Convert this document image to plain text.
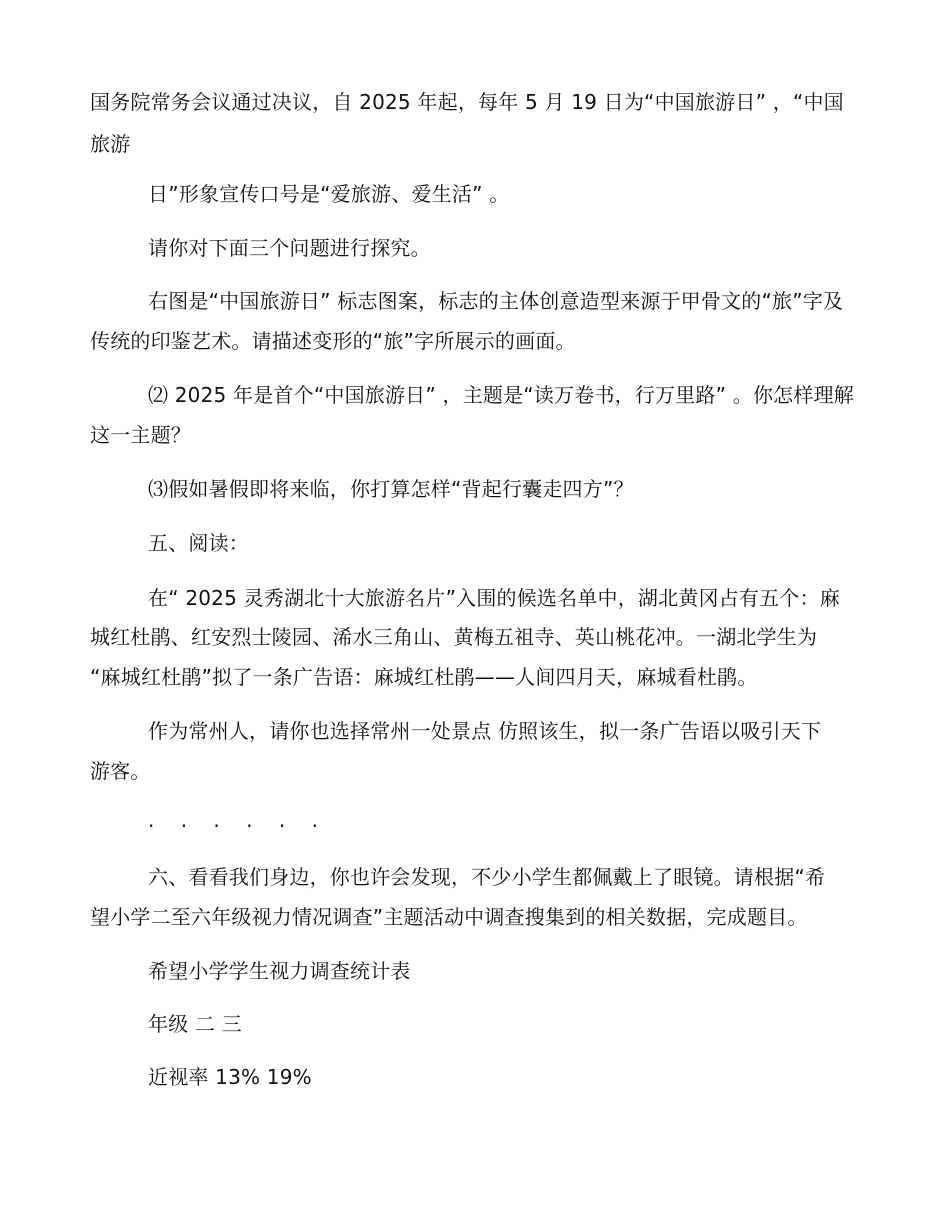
国务院常务会议通过决议，自 2025 年起，每年 5 月 19 日为“中国旅游日” ，“中国
旅游
日”形象宣传口号是“爱旅游、爱生活” 。
请你对下面三个问题进行探究。
右图是“中国旅游日” 标志图案，标志的主体创意造型来源于甲骨文的“旅”字及
传统的印鉴艺术。请描述变形的“旅”字所展示的画面。
⑵ 2025 年是首个“中国旅游日” ，主题是“读万卷书，行万里路” 。你怎样理解
这一主题？
⑶假如暑假即将来临，你打算怎样“背起行囊走四方”？
五、阅读：
在“ 2025 灵秀湖北十大旅游名片”入围的候选名单中，湖北黄冈占有五个：麻
城红杜鹃、红安烈士陵园、浠水三角山、黄梅五祖寺、英山桃花冲。一湖北学生为
“麻城红杜鹃”拟了一条广告语：麻城红杜鹃——人间四月天，麻城看杜鹃。
作为常州人，请你也选择常州一处景点 仿照该生，拟一条广告语以吸引天下
游客。
· · · · · ·
六、看看我们身边，你也许会发现，不少小学生都佩戴上了眼镜。请根据“希
望小学二至六年级视力情况调查”主题活动中调查搜集到的相关数据，完成题目。
希望小学学生视力调查统计表
年级 二 三
近视率 13% 19%
